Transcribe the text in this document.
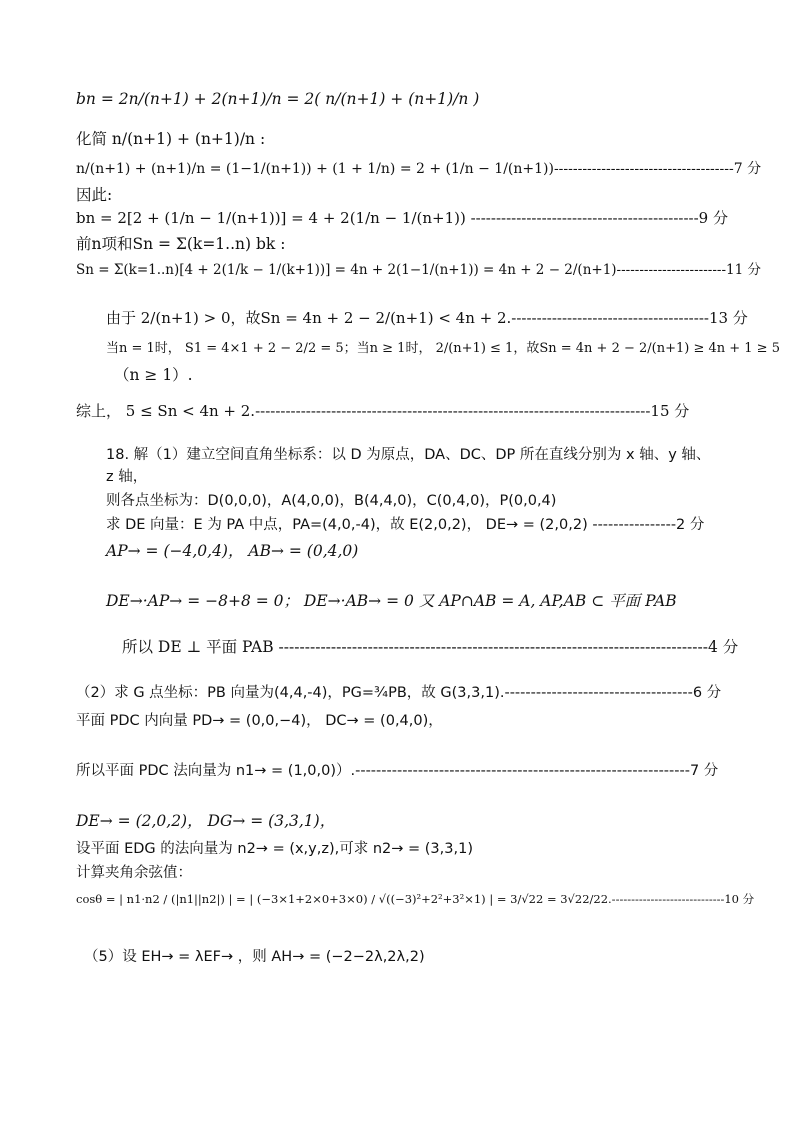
bn = 2n/(n+1) + 2(n+1)/n = 2( n/(n+1) + (n+1)/n )
化简 n/(n+1) + (n+1)/n :
n/(n+1) + (n+1)/n = (1−1/(n+1)) + (1 + 1/n) = 2 + (1/n − 1/(n+1))--------------------------------------7 分
因此:
bn = 2[2 + (1/n − 1/(n+1))] = 4 + 2(1/n − 1/(n+1)) ---------------------------------------------9 分
前n项和Sn = Σ(k=1..n) bk :
Sn = Σ(k=1..n)[4 + 2(1/k − 1/(k+1))] = 4n + 2(1−1/(n+1)) = 4n + 2 − 2/(n+1)------------------------11 分
由于 2/(n+1) > 0，故Sn = 4n + 2 − 2/(n+1) < 4n + 2.---------------------------------------13 分
当n = 1时， S1 = 4×1 + 2 − 2/2 = 5；当n ≥ 1时， 2/(n+1) ≤ 1，故Sn = 4n + 2 − 2/(n+1) ≥ 4n + 1 ≥ 5
（n ≥ 1）.
综上， 5 ≤ Sn < 4n + 2.------------------------------------------------------------------------------15 分
18. 解（1）建立空间直角坐标系：以 D 为原点，DA、DC、DP 所在直线分别为 x 轴、y 轴、
z 轴，
则各点坐标为：D(0,0,0)，A(4,0,0)，B(4,4,0)，C(0,4,0)，P(0,0,4)
求 DE 向量：E 为 PA 中点，PA=(4,0,-4)，故 E(2,0,2)， DE→ = (2,0,2) ----------------2 分
AP→ = (−4,0,4)， AB→ = (0,4,0)
DE→·AP→ = −8+8 = 0； DE→·AB→ = 0 又 AP∩AB = A, AP,AB ⊂ 平面 PAB
所以 DE ⊥ 平面 PAB ----------------------------------------------------------------------------------4 分
（2）求 G 点坐标：PB 向量为(4,4,-4)，PG=¾PB，故 G(3,3,1).------------------------------------6 分
平面 PDC 内向量 PD→ = (0,0,−4)， DC→ = (0,4,0)，
所以平面 PDC 法向量为 n1→ = (1,0,0)）.----------------------------------------------------------------7 分
DE→ = (2,0,2)， DG→ = (3,3,1)，
设平面 EDG 的法向量为 n2→ = (x,y,z),可求 n2→ = (3,3,1)
计算夹角余弦值：
cosθ = | n1·n2 / (|n1||n2|) | = | (−3×1+2×0+3×0) / √((−3)²+2²+3²×1) | = 3/√22 = 3√22/22.-----------------------------10 分
（5）设 EH→ = λEF→ ，则 AH→ = (−2−2λ,2λ,2)
